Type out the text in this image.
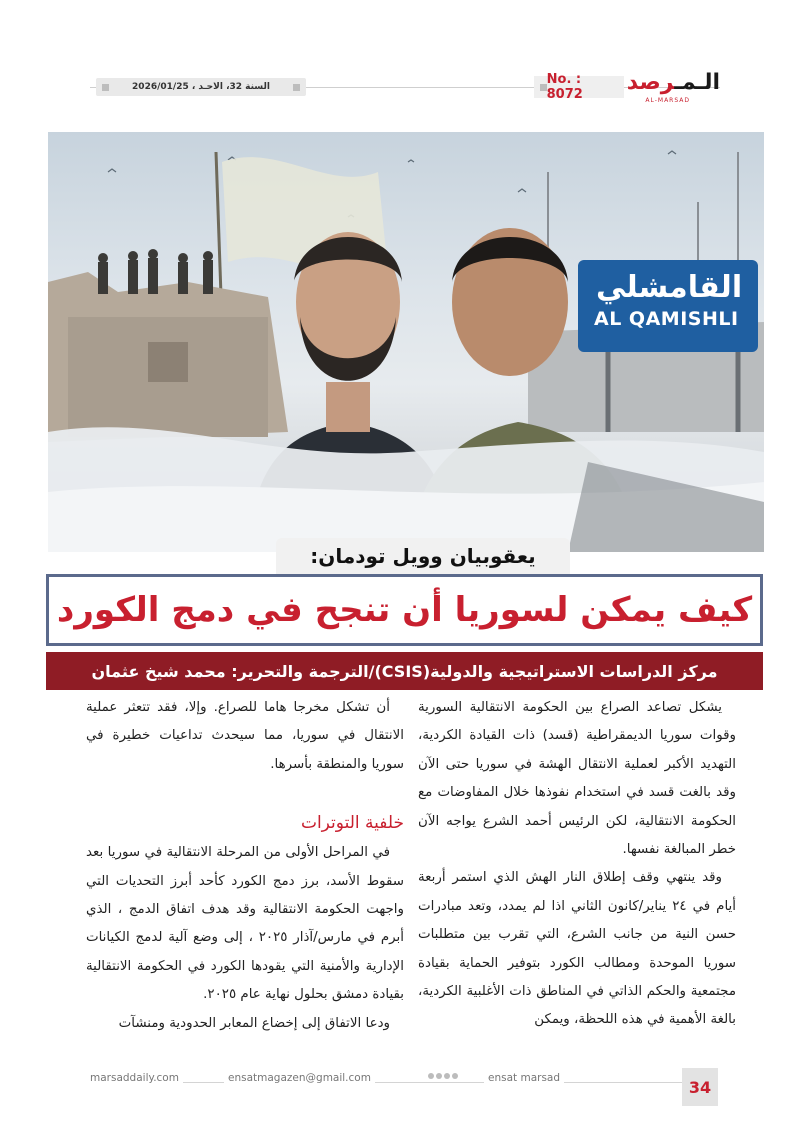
السنة 32، الاحـد ، 2026/01/25	No. : 8072	الـمـرصد
AL-MARSAD
القامشلي
AL QAMISHLI
يعقوبيان وويل تودمان:
كيف يمكن لسوريا أن تنجح في دمج الكورد
مركز الدراسات الاستراتيجية والدولية(CSIS)/الترجمة والتحرير: محمد شيخ عثمان

يشكل تصاعد الصراع بين الحكومة الانتقالية السورية وقوات سوريا الديمقراطية (قسد) ذات القيادة الكردية، التهديد الأكبر لعملية الانتقال الهشة في سوريا حتى الآن وقد بالغت قسد في استخدام نفوذها خلال المفاوضات مع الحكومة الانتقالية، لكن الرئيس أحمد الشرع يواجه الآن خطر المبالغة نفسها.

وقد ينتهي وقف إطلاق النار الهش الذي استمر أربعة أيام في ٢٤ يناير/كانون الثاني اذا لم يمدد، وتعد مبادرات حسن النية من جانب الشرع، التي تقرب بين متطلبات سوريا الموحدة ومطالب الكورد بتوفير الحماية بقيادة مجتمعية والحكم الذاتي في المناطق ذات الأغلبية الكردية، بالغة الأهمية في هذه اللحظة، ويمكن

أن تشكل مخرجا هاما للصراع. وإلا، فقد تتعثر عملية الانتقال في سوريا، مما سيحدث تداعيات خطيرة في سوريا والمنطقة بأسرها.

خلفية التوترات

في المراحل الأولى من المرحلة الانتقالية في سوريا بعد سقوط الأسد، برز دمج الكورد كأحد أبرز التحديات التي واجهت الحكومة الانتقالية وقد هدف اتفاق الدمج ، الذي أبرم في مارس/آذار ٢٠٢٥ ، إلى وضع آلية لدمج الكيانات الإدارية والأمنية التي يقودها الكورد في الحكومة الانتقالية بقيادة دمشق بحلول نهاية عام ٢٠٢٥.

ودعا الاتفاق إلى إخضاع المعابر الحدودية ومنشآت

marsaddaily.com	ensatmagazen@gmail.com	ensat marsad	34
